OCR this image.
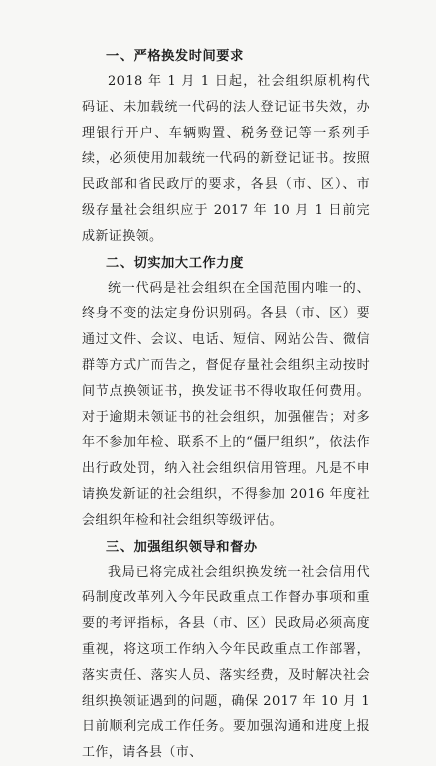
一、严格换发时间要求

2018 年 1 月 1 日起，社会组织原机构代码证、未加载统一代码的法人登记证书失效，办理银行开户、车辆购置、税务登记等一系列手续，必须使用加载统一代码的新登记证书。按照民政部和省民政厅的要求，各县（市、区）、市级存量社会组织应于 2017 年 10 月 1 日前完成新证换领。

二、切实加大工作力度

统一代码是社会组织在全国范围内唯一的、终身不变的法定身份识别码。各县（市、区）要通过文件、会议、电话、短信、网站公告、微信群等方式广而告之，督促存量社会组织主动按时间节点换领证书，换发证书不得收取任何费用。对于逾期未领证书的社会组织，加强催告；对多年不参加年检、联系不上的“僵尸组织”，依法作出行政处罚，纳入社会组织信用管理。凡是不申请换发新证的社会组织，不得参加 2016 年度社会组织年检和社会组织等级评估。

三、加强组织领导和督办

我局已将完成社会组织换发统一社会信用代码制度改革列入今年民政重点工作督办事项和重要的考评指标，各县（市、区）民政局必须高度重视，将这项工作纳入今年民政重点工作部署，落实责任、落实人员、落实经费，及时解决社会组织换领证遇到的问题，确保 2017 年 10 月 1 日前顺利完成工作任务。要加强沟通和进度上报工作，请各县（市、
